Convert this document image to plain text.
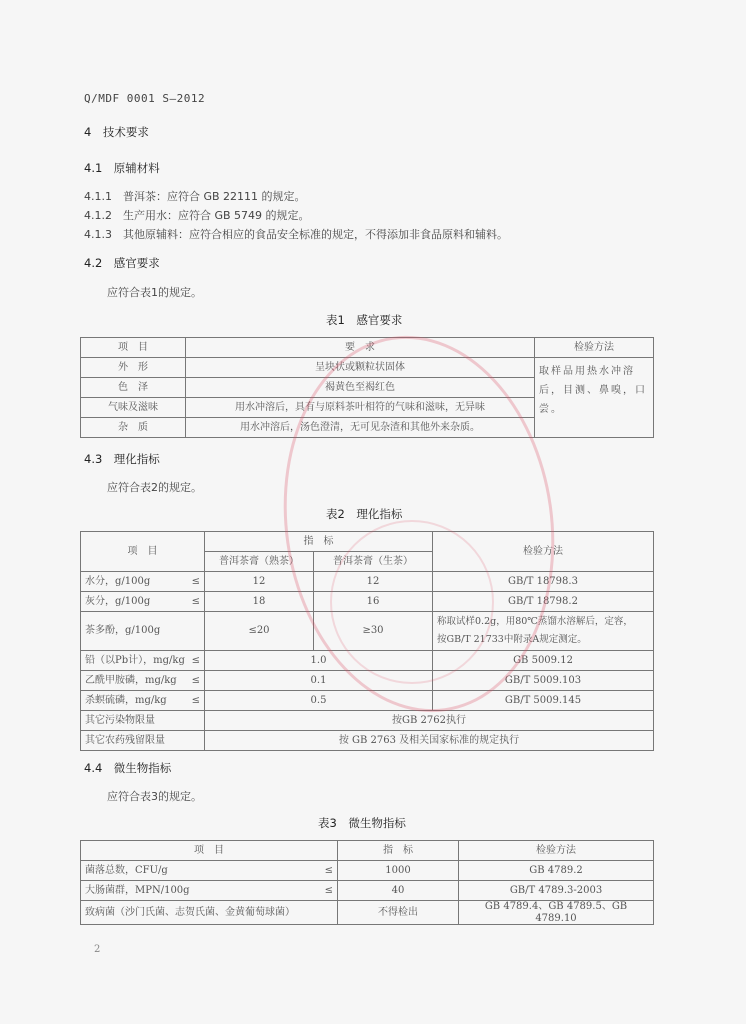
Q/MDF 0001 S—2012
4　技术要求
4.1　原辅材料
4.1.1　普洱茶：应符合 GB 22111 的规定。
4.1.2　生产用水：应符合 GB 5749 的规定。
4.1.3　其他原辅料：应符合相应的食品安全标准的规定，不得添加非食品原料和辅料。
4.2　感官要求
应符合表1的规定。
表1　感官要求
项　目	要　求	检验方法
外　形	呈块状或颗粒状固体	取样品用热水冲溶后，目测、鼻嗅，口尝。
色　泽	褐黄色至褐红色	
气味及滋味	用水冲溶后，具有与原料茶叶相符的气味和滋味，无异味	
杂　质	用水冲溶后，汤色澄清，无可见杂渣和其他外来杂质。	
4.3　理化指标
应符合表2的规定。
表2　理化指标
项　目	指　标		检验方法
	普洱茶膏（熟茶）	普洱茶膏（生茶）	

水分，g/100g ≤	12	12	GB/T 18798.3

灰分，g/100g ≤	18	16	GB/T 18798.2
茶多酚，g/100g	≤20	≥30	称取试样0.2g，用80℃蒸馏水溶解后，定容，
按GB/T 21733中附录A规定测定。

铅（以Pb计），mg/kg ≤	1.0		GB 5009.12

乙酰甲胺磷，mg/kg ≤	0.1		GB/T 5009.103

杀螟硫磷，mg/kg ≤	0.5		GB/T 5009.145
其它污染物限量	按GB 2762执行		
其它农药残留限量	按 GB 2763 及相关国家标准的规定执行		
4.4　微生物指标
应符合表3的规定。
表3　微生物指标
项　目	指　标	检验方法

菌落总数，CFU/g ≤	1000	GB 4789.2

大肠菌群，MPN/100g ≤	40	GB/T 4789.3-2003
致病菌（沙门氏菌、志贺氏菌、金黄葡萄球菌）	不得检出	GB 4789.4、GB 4789.5、GB 4789.10
2
